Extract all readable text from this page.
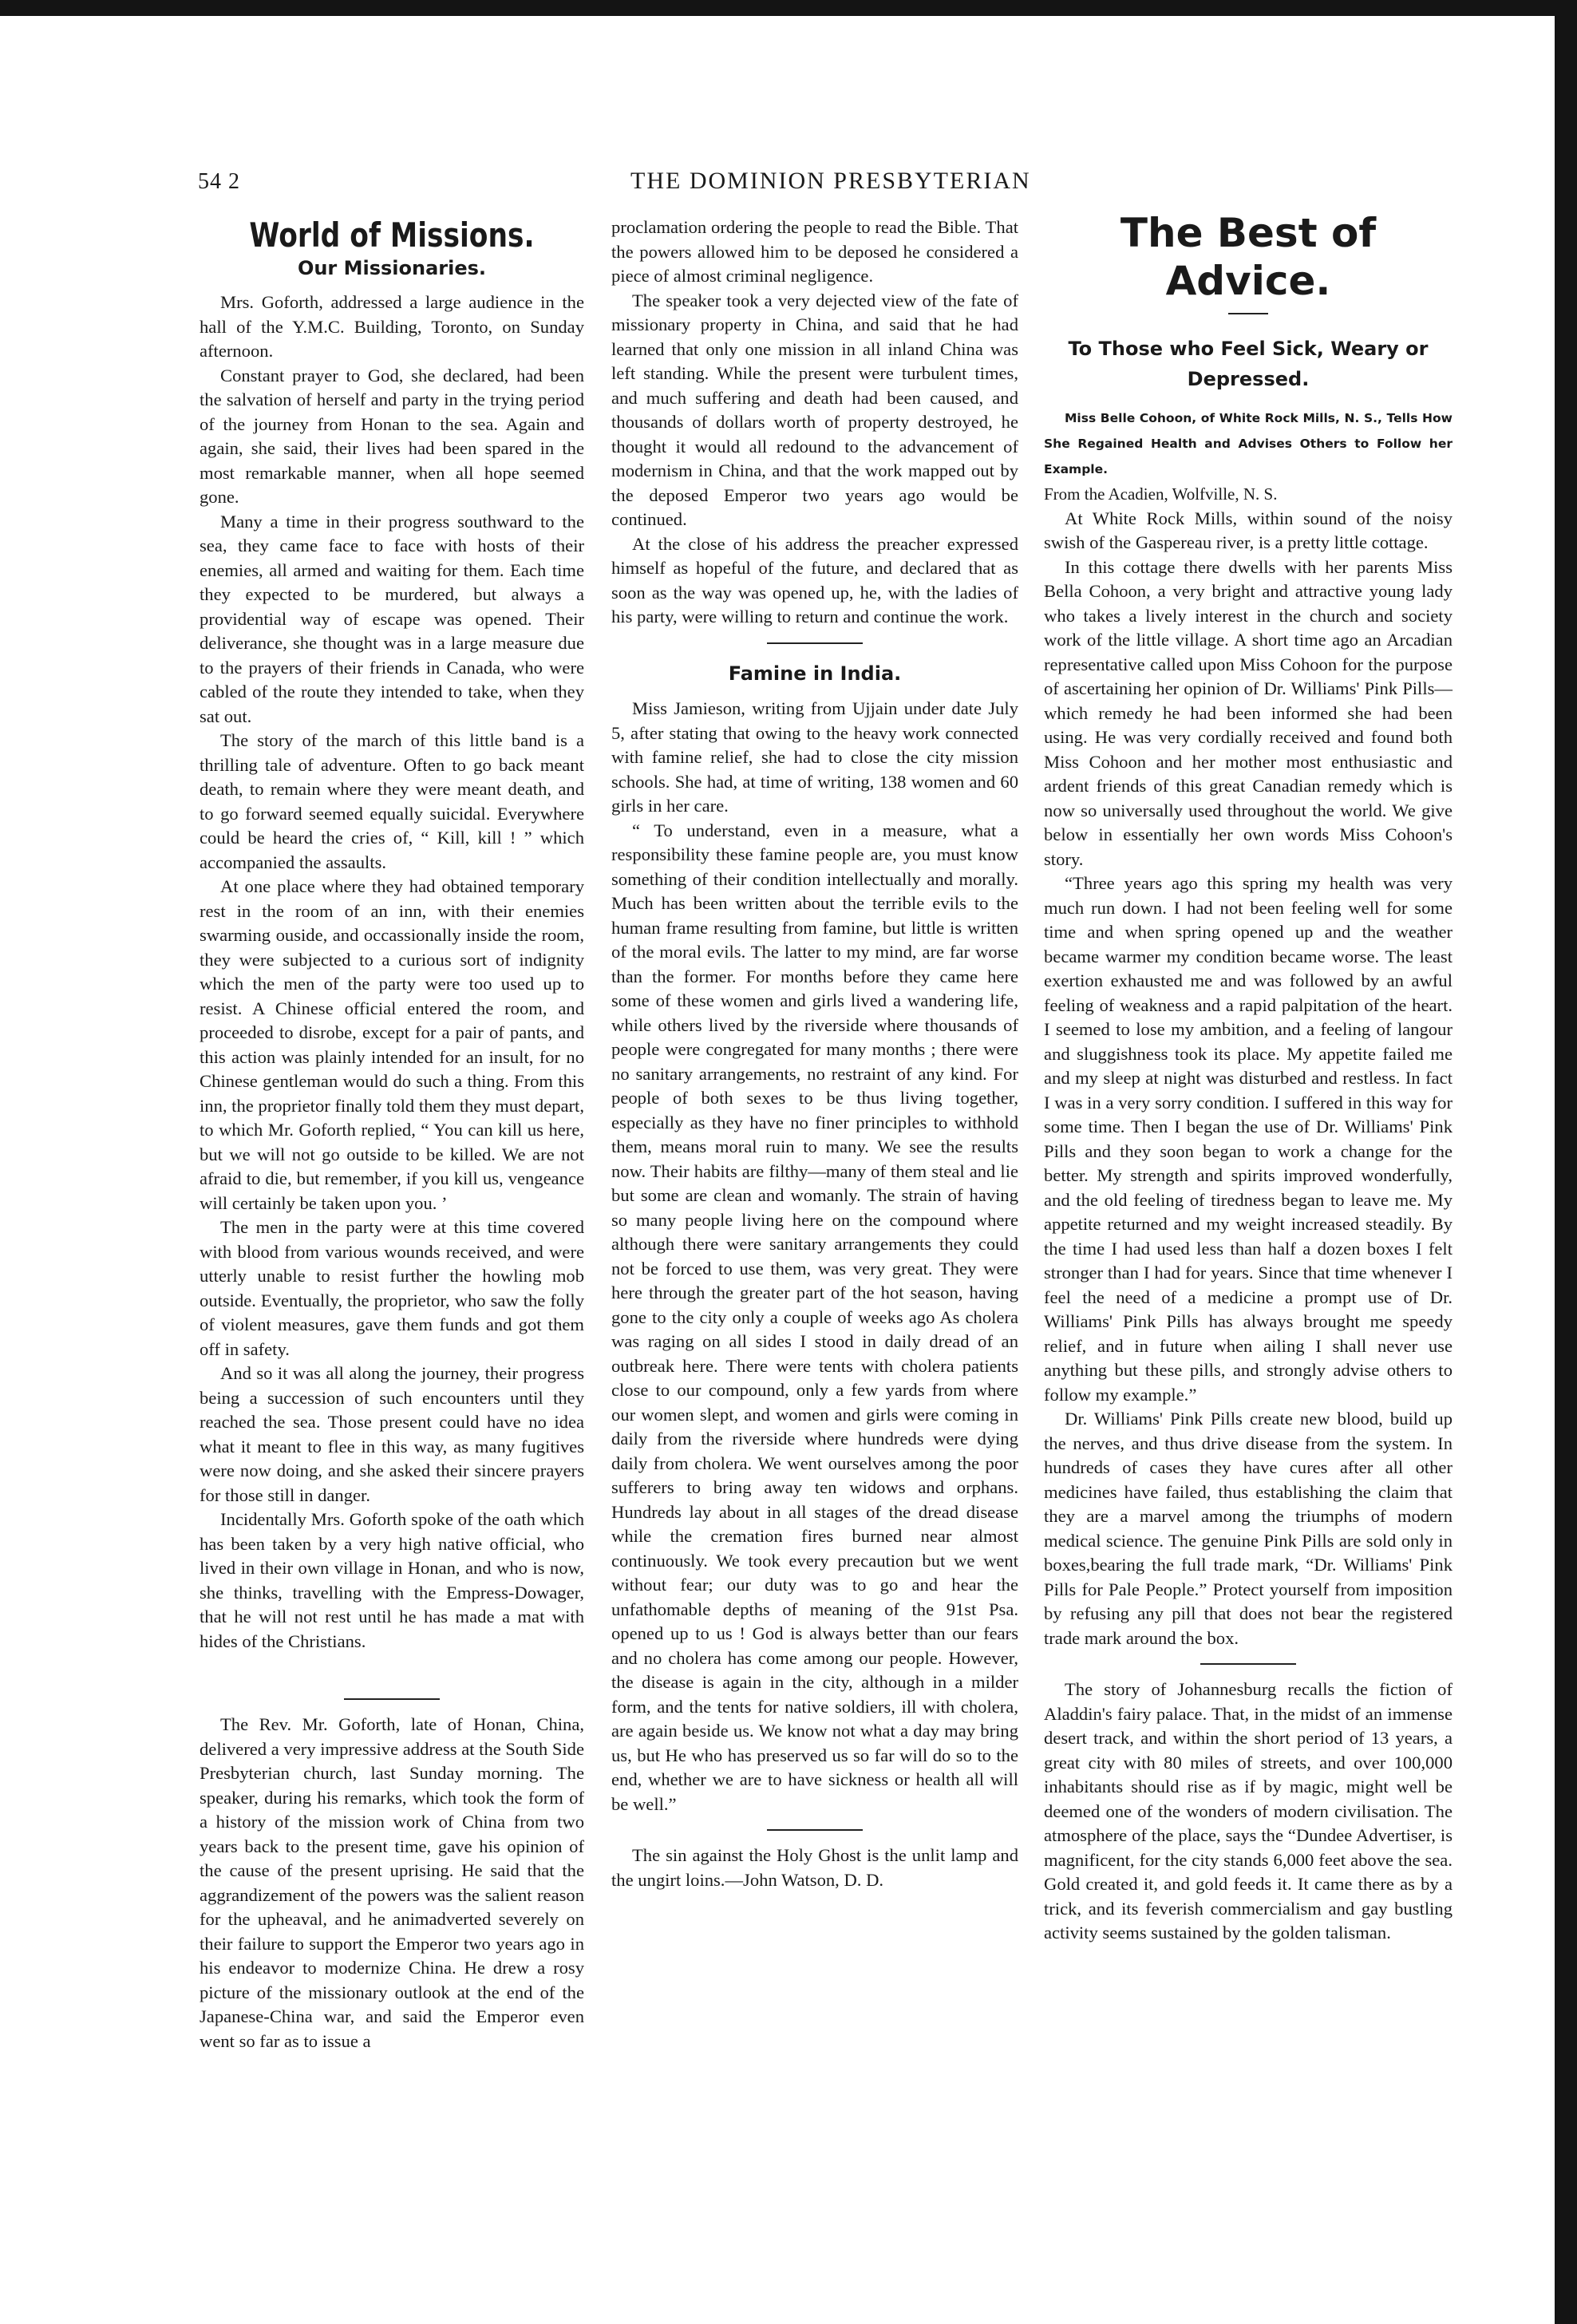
54 2	THE DOMINION PRESBYTERIAN
World of Missions.
Our Missionaries.

Mrs. Goforth, addressed a large audience in the hall of the Y.M.C. Building, Toronto, on Sunday afternoon.

Constant prayer to God, she declared, had been the salvation of herself and party in the trying period of the journey from Honan to the sea. Again and again, she said, their lives had been spared in the most remarkable manner, when all hope seemed gone.

Many a time in their progress southward to the sea, they came face to face with hosts of their enemies, all armed and waiting for them. Each time they expected to be murdered, but always a providential way of escape was opened. Their deliverance, she thought was in a large measure due to the prayers of their friends in Canada, who were cabled of the route they intended to take, when they sat out.

The story of the march of this little band is a thrilling tale of adventure. Often to go back meant death, to remain where they were meant death, and to go forward seemed equally suicidal. Everywhere could be heard the cries of, “ Kill, kill ! ” which accompanied the assaults.

At one place where they had obtained temporary rest in the room of an inn, with their enemies swarming ouside, and occassionally inside the room, they were subjected to a curious sort of indignity which the men of the party were too used up to resist. A Chinese official entered the room, and proceeded to disrobe, except for a pair of pants, and this action was plainly intended for an insult, for no Chinese gentleman would do such a thing. From this inn, the proprietor finally told them they must depart, to which Mr. Goforth replied, “ You can kill us here, but we will not go outside to be killed. We are not afraid to die, but remember, if you kill us, vengeance will certainly be taken upon you. ’

The men in the party were at this time covered with blood from various wounds received, and were utterly unable to resist further the howling mob outside. Eventually, the proprietor, who saw the folly of violent measures, gave them funds and got them off in safety.

And so it was all along the journey, their progress being a succession of such encounters until they reached the sea. Those present could have no idea what it meant to flee in this way, as many fugitives were now doing, and she asked their sincere prayers for those still in danger.

Incidentally Mrs. Goforth spoke of the oath which has been taken by a very high native official, who lived in their own village in Honan, and who is now, she thinks, travelling with the Empress-Dowager, that he will not rest until he has made a mat with hides of the Christians.

The Rev. Mr. Goforth, late of Honan, China, delivered a very impressive address at the South Side Presbyterian church, last Sunday morning. The speaker, during his remarks, which took the form of a history of the mission work of China from two years back to the present time, gave his opinion of the cause of the present uprising. He said that the aggrandizement of the powers was the salient reason for the upheaval, and he animadverted severely on their failure to support the Emperor two years ago in his endeavor to modernize China. He drew a rosy picture of the missionary outlook at the end of the Japanese-China war, and said the Emperor even went so far as to issue a

proclamation ordering the people to read the Bible. That the powers allowed him to be deposed he considered a piece of almost criminal negligence.

The speaker took a very dejected view of the fate of missionary property in China, and said that he had learned that only one mission in all inland China was left standing. While the present were turbulent times, and much suffering and death had been caused, and thousands of dollars worth of property destroyed, he thought it would all redound to the advancement of modernism in China, and that the work mapped out by the deposed Emperor two years ago would be continued.

At the close of his address the preacher expressed himself as hopeful of the future, and declared that as soon as the way was opened up, he, with the ladies of his party, were willing to return and continue the work.

Famine in India.

Miss Jamieson, writing from Ujjain under date July 5, after stating that owing to the heavy work connected with famine relief, she had to close the city mission schools. She had, at time of writing, 138 women and 60 girls in her care.

“ To understand, even in a measure, what a responsibility these famine people are, you must know something of their condition intellectually and morally. Much has been written about the terrible evils to the human frame resulting from famine, but little is written of the moral evils. The latter to my mind, are far worse than the former. For months before they came here some of these women and girls lived a wandering life, while others lived by the riverside where thousands of people were congregated for many months ; there were no sanitary arrangements, no restraint of any kind. For people of both sexes to be thus living together, especially as they have no finer principles to withhold them, means moral ruin to many. We see the results now. Their habits are filthy—many of them steal and lie but some are clean and womanly. The strain of having so many people living here on the compound where although there were sanitary arrangements they could not be forced to use them, was very great. They were here through the greater part of the hot season, having gone to the city only a couple of weeks ago As cholera was raging on all sides I stood in daily dread of an outbreak here. There were tents with cholera patients close to our compound, only a few yards from where our women slept, and women and girls were coming in daily from the riverside where hundreds were dying daily from cholera. We went ourselves among the poor sufferers to bring away ten widows and orphans. Hundreds lay about in all stages of the dread disease while the cremation fires burned near almost continuously. We took every precaution but we went without fear; our duty was to go and hear the unfathomable depths of meaning of the 91st Psa. opened up to us ! God is always better than our fears and no cholera has come among our people. However, the disease is again in the city, although in a milder form, and the tents for native soldiers, ill with cholera, are again beside us. We know not what a day may bring us, but He who has preserved us so far will do so to the end, whether we are to have sickness or health all will be well.”

The sin against the Holy Ghost is the unlit lamp and the ungirt loins.—John Watson, D. D.

The Best of Advice.
To Those who Feel Sick, Weary or Depressed.

Miss Belle Cohoon, of White Rock Mills, N. S., Tells How She Regained Health and Advises Others to Follow her Example.

From the Acadien, Wolfville, N. S.

At White Rock Mills, within sound of the noisy swish of the Gaspereau river, is a pretty little cottage.

In this cottage there dwells with her parents Miss Bella Cohoon, a very bright and attractive young lady who takes a lively interest in the church and society work of the little village. A short time ago an Arcadian representative called upon Miss Cohoon for the purpose of ascertaining her opinion of Dr. Williams' Pink Pills—which remedy he had been informed she had been using. He was very cordially received and found both Miss Cohoon and her mother most enthusiastic and ardent friends of this great Canadian remedy which is now so universally used throughout the world. We give below in essentially her own words Miss Cohoon's story.

“Three years ago this spring my health was very much run down. I had not been feeling well for some time and when spring opened up and the weather became warmer my condition became worse. The least exertion exhausted me and was followed by an awful feeling of weakness and a rapid palpitation of the heart. I seemed to lose my ambition, and a feeling of langour and sluggishness took its place. My appetite failed me and my sleep at night was disturbed and restless. In fact I was in a very sorry condition. I suffered in this way for some time. Then I began the use of Dr. Williams' Pink Pills and they soon began to work a change for the better. My strength and spirits improved wonderfully, and the old feeling of tiredness began to leave me. My appetite returned and my weight increased steadily. By the time I had used less than half a dozen boxes I felt stronger than I had for years. Since that time whenever I feel the need of a medicine a prompt use of Dr. Williams' Pink Pills has always brought me speedy relief, and in future when ailing I shall never use anything but these pills, and strongly advise others to follow my example.”

Dr. Williams' Pink Pills create new blood, build up the nerves, and thus drive disease from the system. In hundreds of cases they have cures after all other medicines have failed, thus establishing the claim that they are a marvel among the triumphs of modern medical science. The genuine Pink Pills are sold only in boxes,bearing the full trade mark, “Dr. Williams' Pink Pills for Pale People.” Protect yourself from imposition by refusing any pill that does not bear the registered trade mark around the box.

The story of Johannesburg recalls the fiction of Aladdin's fairy palace. That, in the midst of an immense desert track, and within the short period of 13 years, a great city with 80 miles of streets, and over 100,000 inhabitants should rise as if by magic, might well be deemed one of the wonders of modern civilisation. The atmosphere of the place, says the “Dundee Advertiser, is magnificent, for the city stands 6,000 feet above the sea. Gold created it, and gold feeds it. It came there as by a trick, and its feverish commercialism and gay bustling activity seems sustained by the golden talisman.
